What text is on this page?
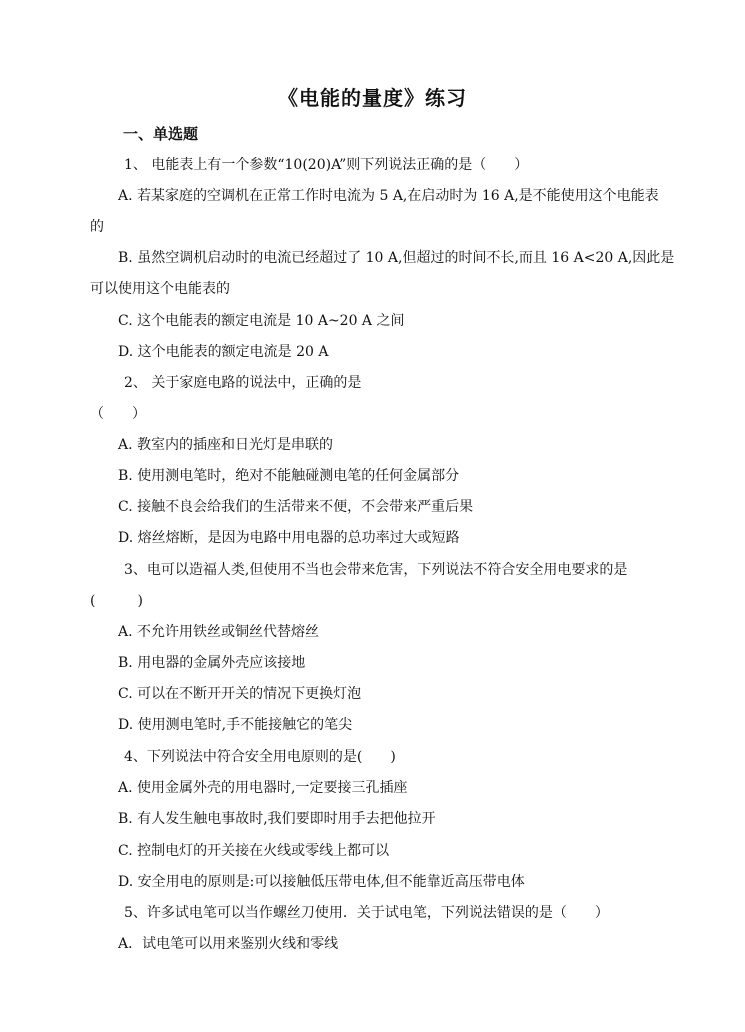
《电能的量度》练习
一、单选题
1、 电能表上有一个参数“10(20)A”则下列说法正确的是（　　）
A. 若某家庭的空调机在正常工作时电流为 5 A,在启动时为 16 A,是不能使用这个电能表
的
B. 虽然空调机启动时的电流已经超过了 10 A,但超过的时间不长,而且 16 A<20 A,因此是
可以使用这个电能表的
C. 这个电能表的额定电流是 10 A~20 A 之间
D. 这个电能表的额定电流是 20 A
2、 关于家庭电路的说法中，正确的是
（　　）
A. 教室内的插座和日光灯是串联的
B. 使用测电笔时，绝对不能触碰测电笔的任何金属部分
C. 接触不良会给我们的生活带来不便，不会带来严重后果
D. 熔丝熔断，是因为电路中用电器的总功率过大或短路
3、电可以造福人类,但使用不当也会带来危害，下列说法不符合安全用电要求的是
(　　　)
A. 不允许用铁丝或铜丝代替熔丝
B. 用电器的金属外壳应该接地
C. 可以在不断开开关的情况下更换灯泡
D. 使用测电笔时,手不能接触它的笔尖
4、下列说法中符合安全用电原则的是(　　)
A. 使用金属外壳的用电器时,一定要接三孔插座
B. 有人发生触电事故时,我们要即时用手去把他拉开
C. 控制电灯的开关接在火线或零线上都可以
D. 安全用电的原则是:可以接触低压带电体,但不能靠近高压带电体
5、许多试电笔可以当作螺丝刀使用．关于试电笔，下列说法错误的是（　　）
A．试电笔可以用来鉴别火线和零线
